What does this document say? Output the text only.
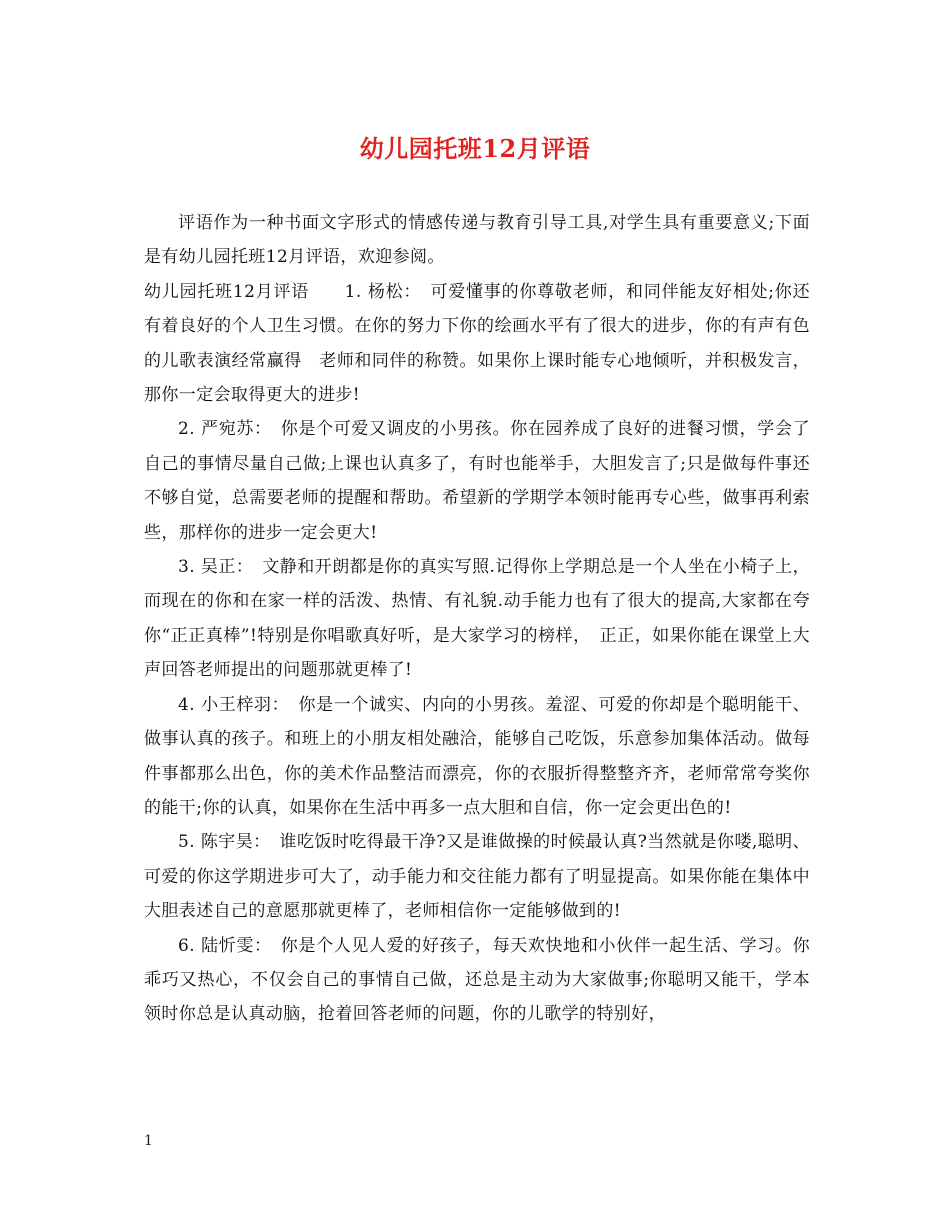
幼儿园托班12月评语

评语作为一种书面文字形式的情感传递与教育引导工具,对学生具有重要意义;下面是有幼儿园托班12月评语，欢迎参阅。

幼儿园托班12月评语　　1. 杨松：　可爱懂事的你尊敬老师，和同伴能友好相处;你还有着良好的个人卫生习惯。在你的努力下你的绘画水平有了很大的进步，你的有声有色的儿歌表演经常赢得　老师和同伴的称赞。如果你上课时能专心地倾听，并积极发言，那你一定会取得更大的进步!

2. 严宛苏：　你是个可爱又调皮的小男孩。你在园养成了良好的进餐习惯，学会了自己的事情尽量自己做;上课也认真多了，有时也能举手，大胆发言了;只是做每件事还不够自觉，总需要老师的提醒和帮助。希望新的学期学本领时能再专心些，做事再利索些，那样你的进步一定会更大!

3. 吴正：　文静和开朗都是你的真实写照.记得你上学期总是一个人坐在小椅子上，而现在的你和在家一样的活泼、热情、有礼貌.动手能力也有了很大的提高,大家都在夸你“正正真棒”!特别是你唱歌真好听，是大家学习的榜样，　正正，如果你能在课堂上大声回答老师提出的问题那就更棒了!

4. 小王梓羽：　你是一个诚实、内向的小男孩。羞涩、可爱的你却是个聪明能干、做事认真的孩子。和班上的小朋友相处融洽，能够自己吃饭，乐意参加集体活动。做每件事都那么出色，你的美术作品整洁而漂亮，你的衣服折得整整齐齐，老师常常夸奖你的能干;你的认真，如果你在生活中再多一点大胆和自信，你一定会更出色的!

5. 陈宇昊：　谁吃饭时吃得最干净?又是谁做操的时候最认真?当然就是你喽,聪明、可爱的你这学期进步可大了，动手能力和交往能力都有了明显提高。如果你能在集体中大胆表述自己的意愿那就更棒了，老师相信你一定能够做到的!

6. 陆忻雯：　你是个人见人爱的好孩子，每天欢快地和小伙伴一起生活、学习。你乖巧又热心，不仅会自己的事情自己做，还总是主动为大家做事;你聪明又能干，学本领时你总是认真动脑，抢着回答老师的问题，你的儿歌学的特别好，

1
